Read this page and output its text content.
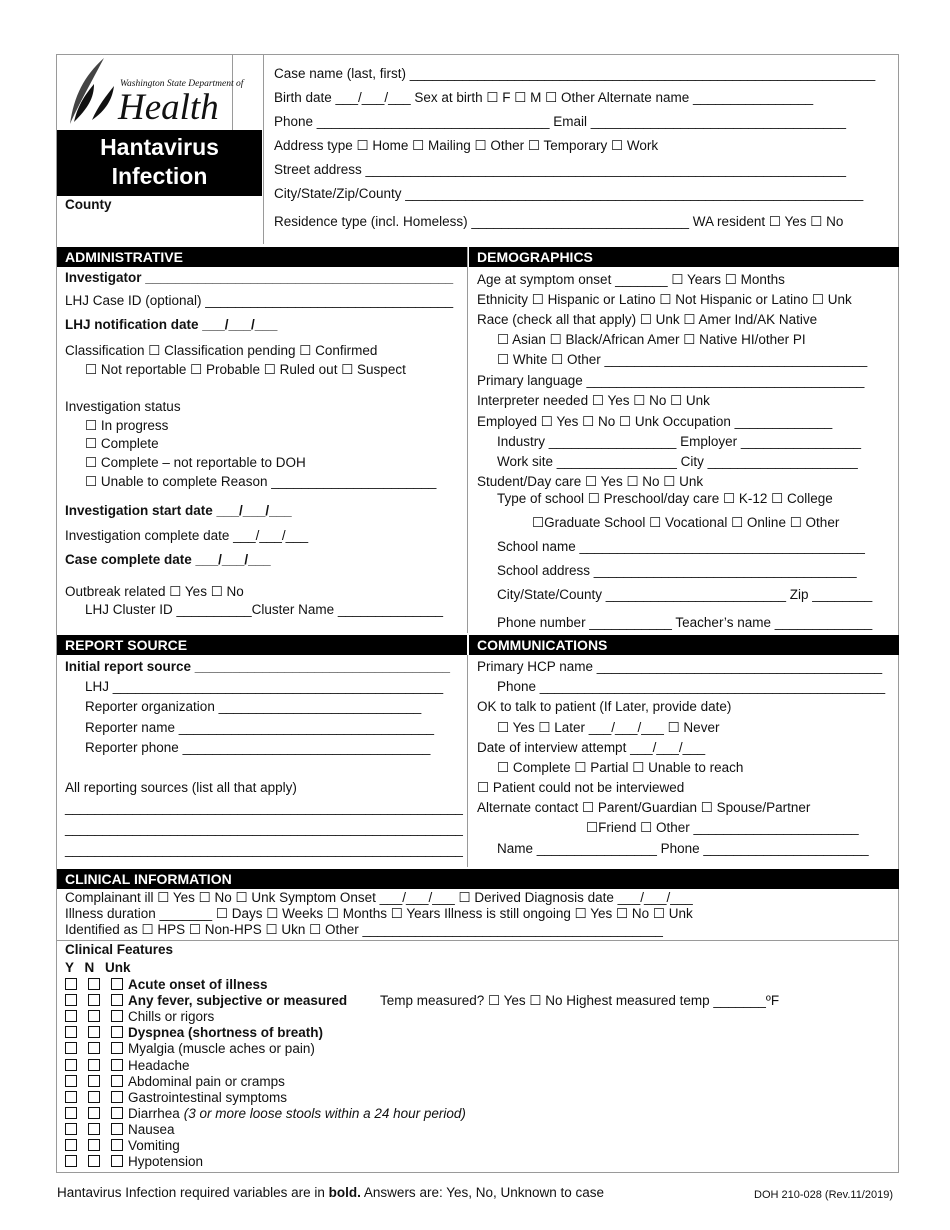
Washington State Department of
Health
Hantavirus
Infection
County
Case name (last, first) ______________________________________________________________
Birth date ___/___/___ Sex at birth ☐ F ☐ M ☐ Other Alternate name ________________
Phone _______________________________ Email __________________________________
Address type ☐ Home ☐ Mailing ☐ Other ☐ Temporary ☐ Work
Street address ________________________________________________________________
City/State/Zip/County _____________________________________________________________
Residence type (incl. Homeless) _____________________________ WA resident ☐ Yes ☐ No
ADMINISTRATIVE	DEMOGRAPHICS
Investigator _________________________________________
LHJ Case ID (optional) _________________________________
LHJ notification date ___/___/___
Classification ☐ Classification pending ☐ Confirmed
☐ Not reportable ☐ Probable ☐ Ruled out ☐ Suspect
Investigation status
☐ In progress
☐ Complete
☐ Complete – not reportable to DOH
☐ Unable to complete Reason ______________________
Investigation start date ___/___/___
Investigation complete date ___/___/___
Case complete date ___/___/___
Outbreak related ☐ Yes ☐ No
LHJ Cluster ID __________Cluster Name ______________
Age at symptom onset _______ ☐ Years ☐ Months
Ethnicity ☐ Hispanic or Latino ☐ Not Hispanic or Latino ☐ Unk
Race (check all that apply) ☐ Unk ☐ Amer Ind/AK Native
☐ Asian ☐ Black/African Amer ☐ Native HI/other PI
☐ White ☐ Other ___________________________________
Primary language _____________________________________
Interpreter needed ☐ Yes ☐ No ☐ Unk
Employed ☐ Yes ☐ No ☐ Unk Occupation _____________
Industry _________________ Employer ________________
Work site ________________ City ____________________
Student/Day care ☐ Yes ☐ No ☐ Unk
Type of school ☐ Preschool/day care ☐ K-12 ☐ College
☐Graduate School ☐ Vocational ☐ Online ☐ Other
School name ______________________________________
School address ___________________________________
City/State/County ________________________ Zip ________
Phone number ___________ Teacher’s name _____________
REPORT SOURCE	COMMUNICATIONS
Initial report source __________________________________
LHJ ____________________________________________
Reporter organization ___________________________
Reporter name __________________________________
Reporter phone _________________________________
All reporting sources (list all that apply)
_____________________________________________________
_____________________________________________________
_____________________________________________________
Primary HCP name ______________________________________
Phone ______________________________________________
OK to talk to patient (If Later, provide date)
☐ Yes ☐ Later ___/___/___ ☐ Never
Date of interview attempt ___/___/___
☐ Complete ☐ Partial ☐ Unable to reach
☐ Patient could not be interviewed
Alternate contact ☐ Parent/Guardian ☐ Spouse/Partner
☐Friend ☐ Other ______________________
Name ________________ Phone ______________________
CLINICAL INFORMATION
Complainant ill ☐ Yes ☐ No ☐ Unk Symptom Onset ___/___/___ ☐ Derived Diagnosis date ___/___/___
Illness duration _______ ☐ Days ☐ Weeks ☐ Months ☐ Years Illness is still ongoing ☐ Yes ☐ No ☐ Unk
Identified as ☐ HPS ☐ Non-HPS ☐ Ukn ☐ Other ________________________________________
Clinical Features
Y N Unk
Acute onset of illness
Any fever, subjective or measured Temp measured? ☐ Yes ☐ No Highest measured temp _______ºF
Chills or rigors
Dyspnea (shortness of breath)
Myalgia (muscle aches or pain)
Headache
Abdominal pain or cramps
Gastrointestinal symptoms
Diarrhea (3 or more loose stools within a 24 hour period)
Nausea
Vomiting
Hypotension
Hantavirus Infection required variables are in bold. Answers are: Yes, No, Unknown to case	DOH 210-028 (Rev.11/2019)
